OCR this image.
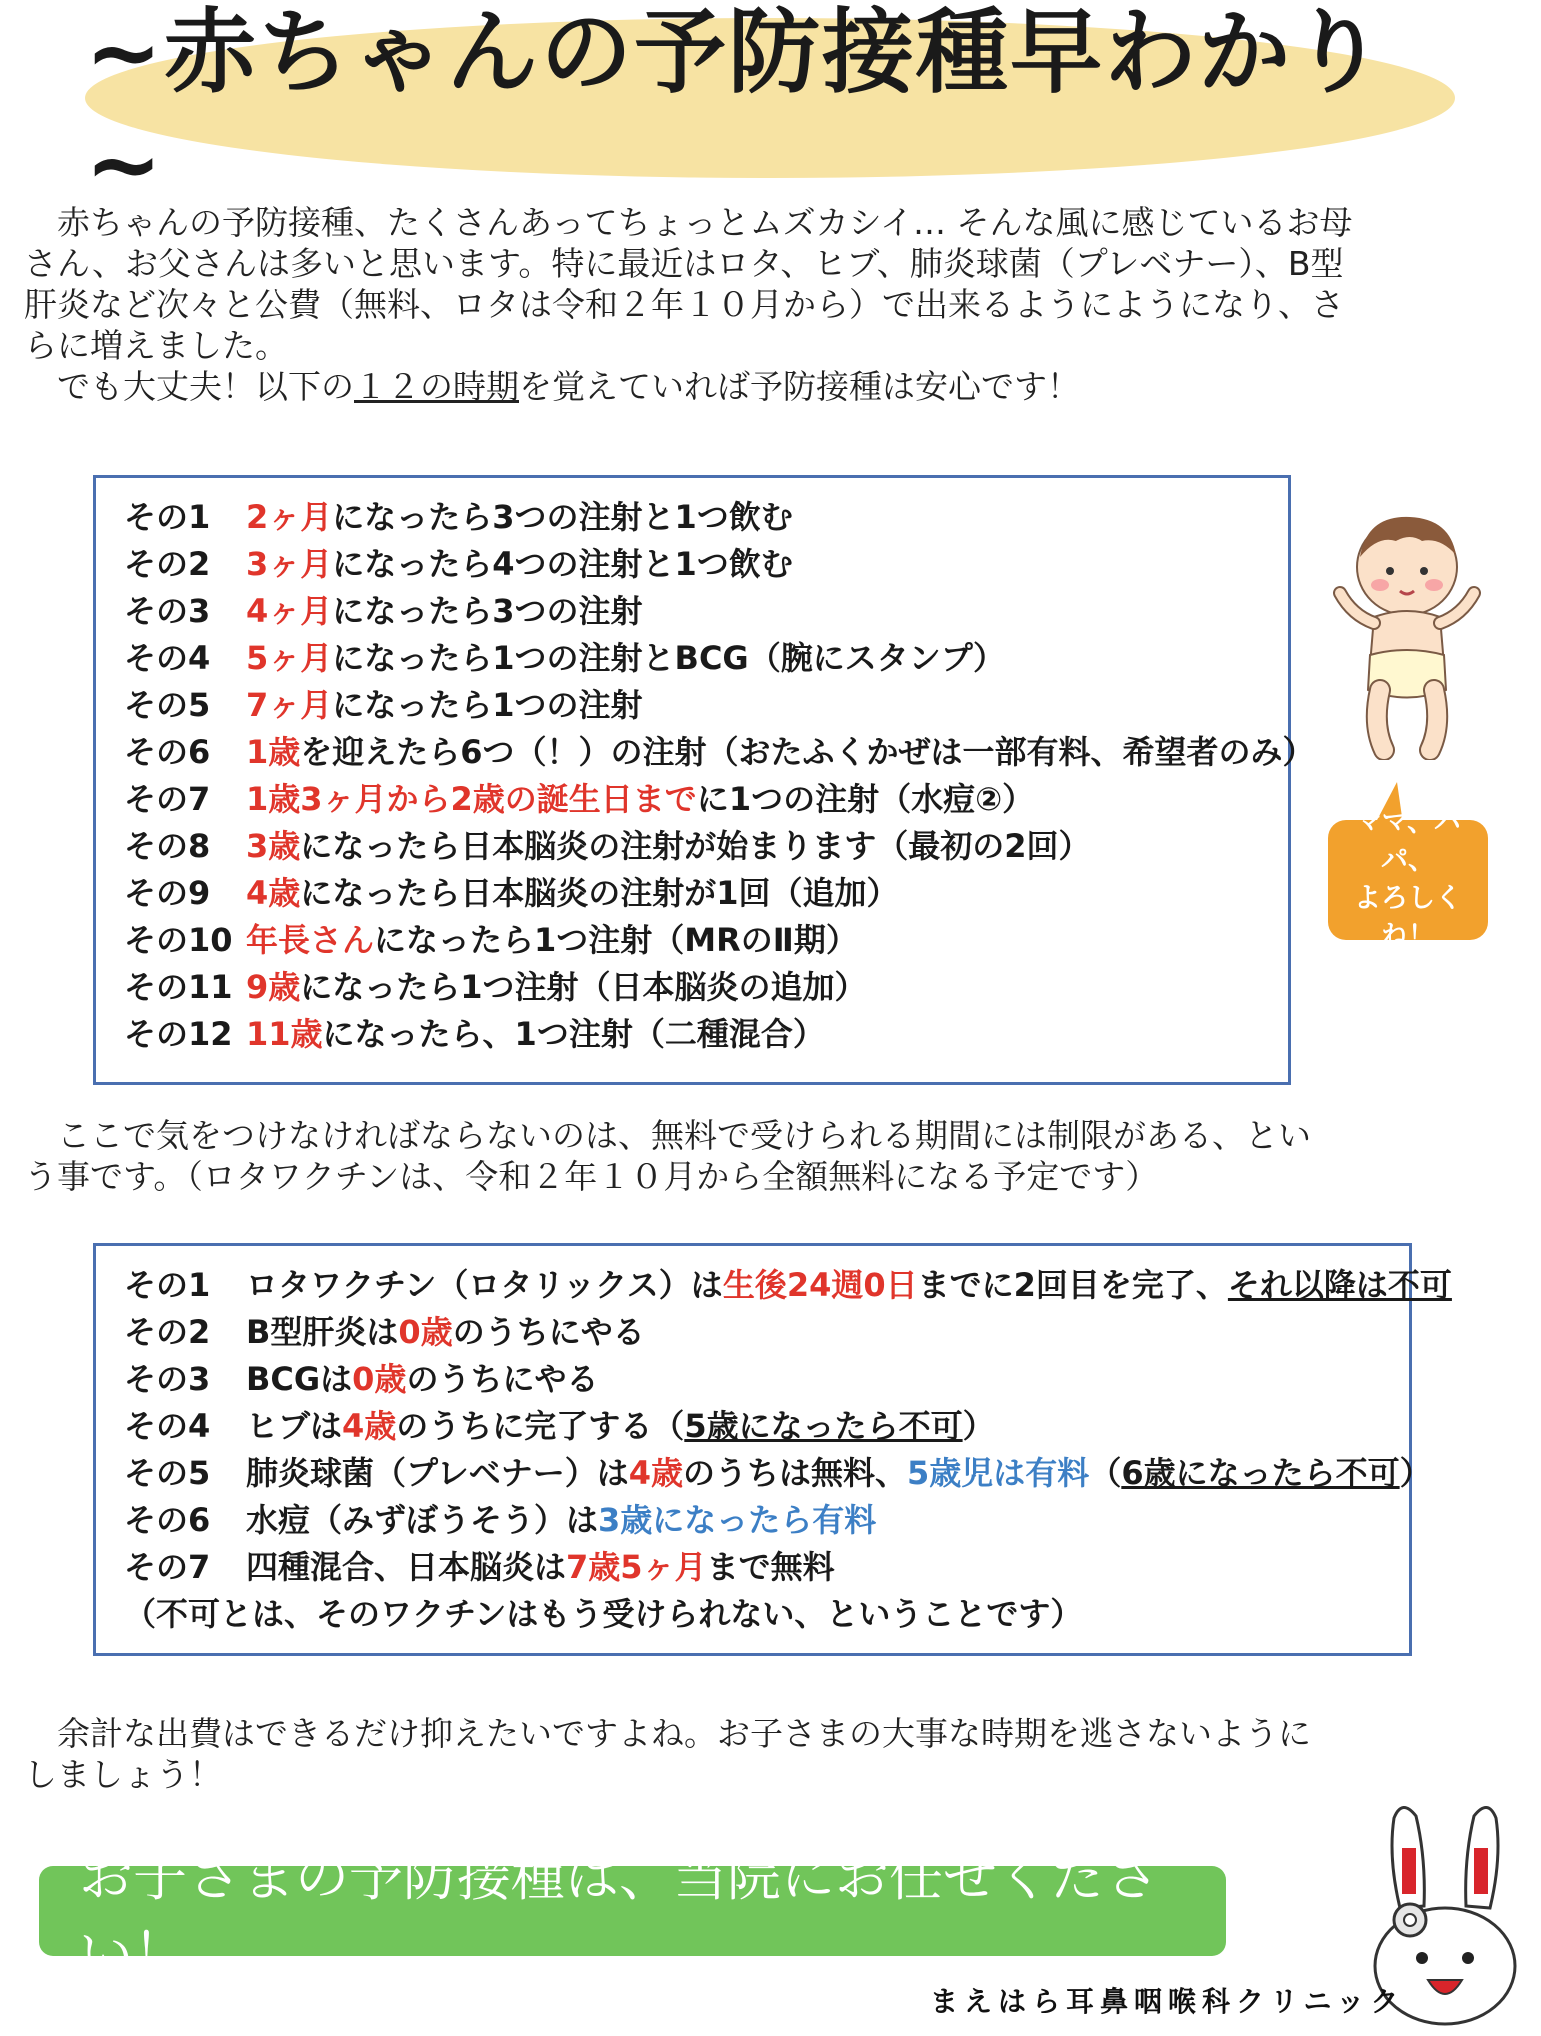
~赤ちゃんの予防接種早わかり~

　赤ちゃんの予防接種、たくさんあってちょっとムズカシイ… そんな風に感じているお母

さん、お父さんは多いと思います。特に最近はロタ、ヒブ、肺炎球菌（プレベナー）、B型

肝炎など次々と公費（無料、ロタは令和２年１０月から）で出来るようにようになり、さ

らに増えました。

　でも大丈夫！以下の１２の時期を覚えていれば予防接種は安心です！

その1 2ヶ月になったら3つの注射と1つ飲む
その2 3ヶ月になったら4つの注射と1つ飲む
その3 4ヶ月になったら3つの注射
その4 5ヶ月になったら1つの注射とBCG（腕にスタンプ）
その5 7ヶ月になったら1つの注射
その6 1歳を迎えたら6つ（！）の注射（おたふくかぜは一部有料、希望者のみ）
その7 1歳3ヶ月から2歳の誕生日までに1つの注射（水痘②）
その8 3歳になったら日本脳炎の注射が始まります（最初の2回）
その9 4歳になったら日本脳炎の注射が1回（追加）
その10 年長さんになったら1つ注射（MRのⅡ期）
その11 9歳になったら1つ注射（日本脳炎の追加）
その12 11歳になったら、1つ注射（二種混合）
ママ、パパ、
よろしくね！

　ここで気をつけなければならないのは、無料で受けられる期間には制限がある、とい

う事です。（ロタワクチンは、令和２年１０月から全額無料になる予定です）

その1 ロタワクチン（ロタリックス）は生後24週0日までに2回目を完了、それ以降は不可
その2 B型肝炎は0歳のうちにやる
その3 BCGは0歳のうちにやる
その4 ヒブは4歳のうちに完了する（5歳になったら不可）
その5 肺炎球菌（プレベナー）は4歳のうちは無料、5歳児は有料（6歳になったら不可）
その6 水痘（みずぼうそう）は3歳になったら有料
その7 四種混合、日本脳炎は7歳5ヶ月まで無料
（不可とは、そのワクチンはもう受けられない、ということです）

　余計な出費はできるだけ抑えたいですよね。お子さまの大事な時期を逃さないように

しましょう！

お子さまの予防接種は、当院にお任せください！
まえはら耳鼻咽喉科クリニック
